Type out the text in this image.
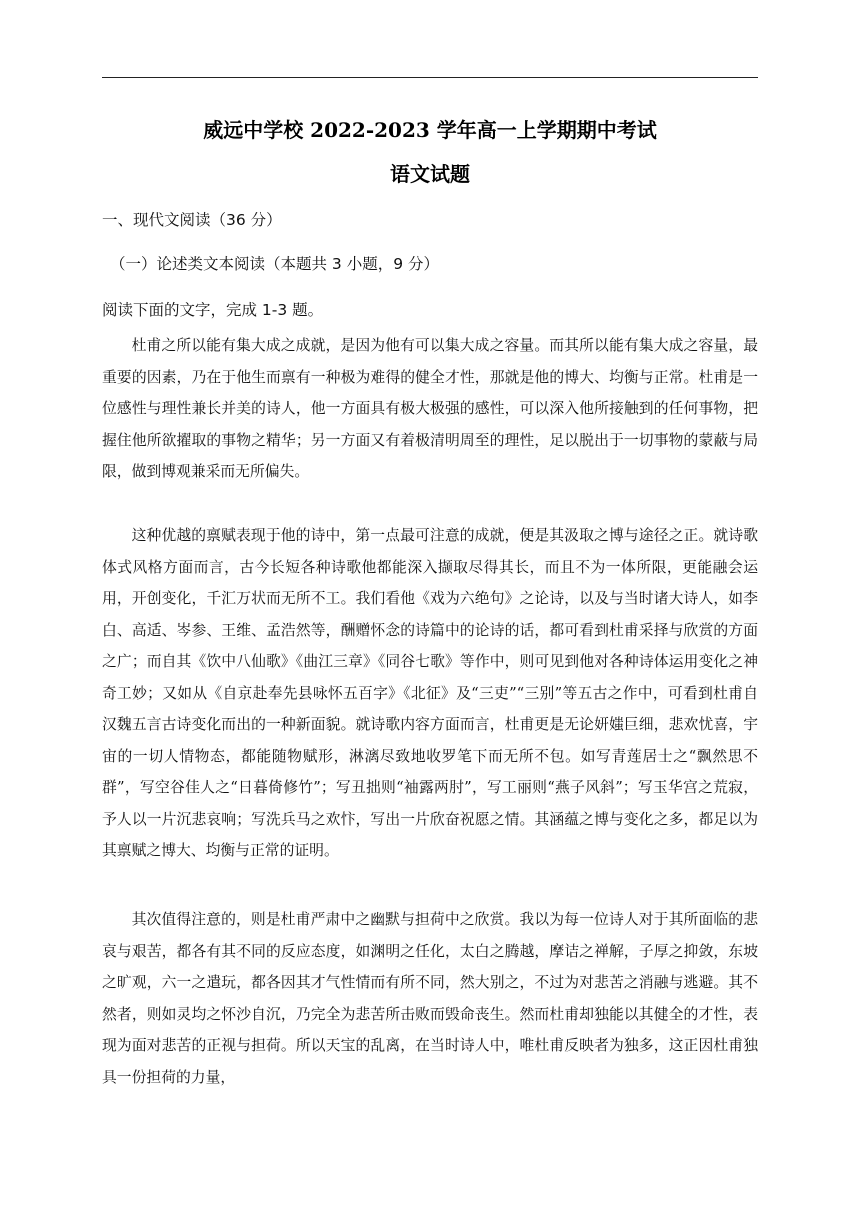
威远中学校 2022-2023 学年高一上学期期中考试
语文试题
一、现代文阅读（36 分）
（一）论述类文本阅读（本题共 3 小题，9 分）
阅读下面的文字，完成 1-3 题。

杜甫之所以能有集大成之成就，是因为他有可以集大成之容量。而其所以能有集大成之容量，最重要的因素，乃在于他生而禀有一种极为难得的健全才性，那就是他的博大、均衡与正常。杜甫是一位感性与理性兼长并美的诗人，他一方面具有极大极强的感性，可以深入他所接触到的任何事物，把握住他所欲擢取的事物之精华；另一方面又有着极清明周至的理性，足以脱出于一切事物的蒙蔽与局限，做到博观兼采而无所偏失。

这种优越的禀赋表现于他的诗中，第一点最可注意的成就，便是其汲取之博与途径之正。就诗歌体式风格方面而言，古今长短各种诗歌他都能深入撷取尽得其长，而且不为一体所限，更能融会运用，开创变化，千汇万状而无所不工。我们看他《戏为六绝句》之论诗，以及与当时诸大诗人，如李白、高适、岑参、王维、孟浩然等，酬赠怀念的诗篇中的论诗的话，都可看到杜甫采择与欣赏的方面之广；而自其《饮中八仙歌》《曲江三章》《同谷七歌》等作中，则可见到他对各种诗体运用变化之神奇工妙；又如从《自京赴奉先县咏怀五百字》《北征》及“三吏”“三别”等五古之作中，可看到杜甫自汉魏五言古诗变化而出的一种新面貌。就诗歌内容方面而言，杜甫更是无论妍媸巨细，悲欢忧喜，宇宙的一切人情物态，都能随物赋形，淋漓尽致地收罗笔下而无所不包。如写青莲居士之“飘然思不群”，写空谷佳人之“日暮倚修竹”；写丑拙则“袖露两肘”，写工丽则“燕子风斜”；写玉华宫之荒寂，予人以一片沉悲哀响；写洗兵马之欢忭，写出一片欣奋祝愿之情。其涵蕴之博与变化之多，都足以为其禀赋之博大、均衡与正常的证明。

其次值得注意的，则是杜甫严肃中之幽默与担荷中之欣赏。我以为每一位诗人对于其所面临的悲哀与艰苦，都各有其不同的反应态度，如渊明之任化，太白之腾越，摩诘之禅解，子厚之抑敛，东坡之旷观，六一之遣玩，都各因其才气性情而有所不同，然大别之，不过为对悲苦之消融与逃避。其不然者，则如灵均之怀沙自沉，乃完全为悲苦所击败而毁命丧生。然而杜甫却独能以其健全的才性，表现为面对悲苦的正视与担荷。所以天宝的乱离，在当时诗人中，唯杜甫反映者为独多，这正因杜甫独具一份担荷的力量，
